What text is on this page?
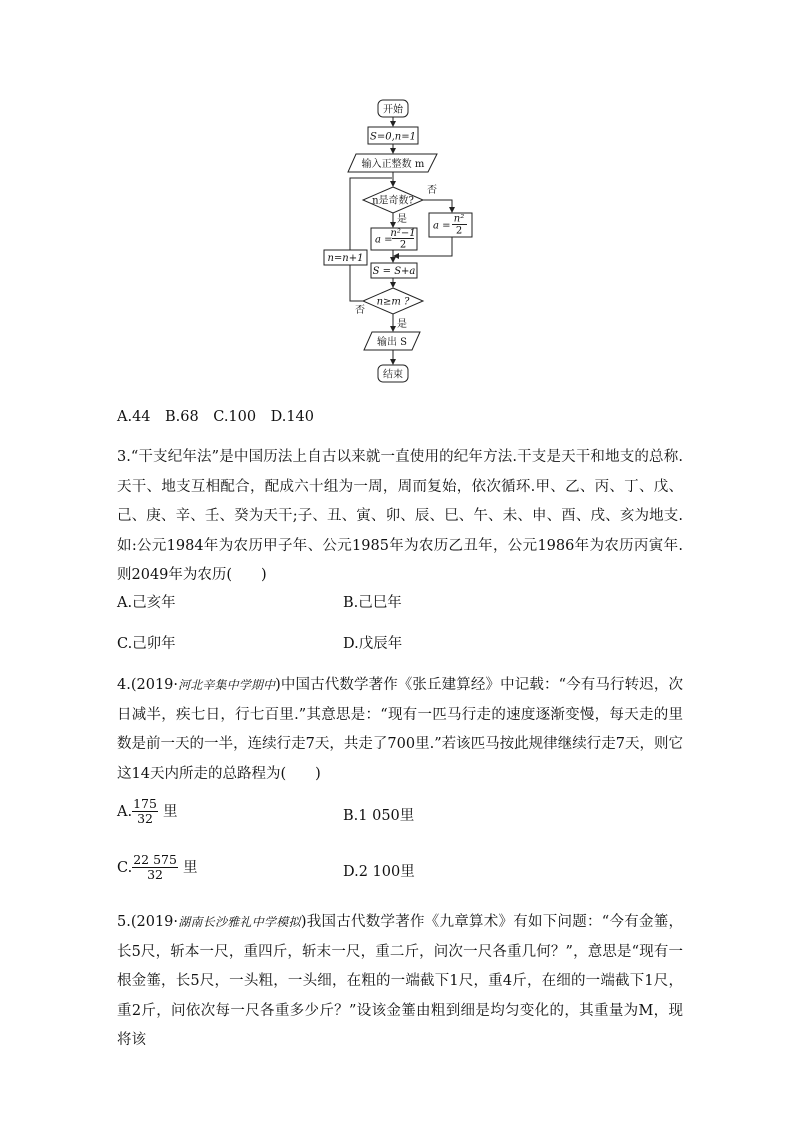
开始
S=0,n=1
输入正整数 m
n是奇数?
否
是
a =
n²−1
2
a =
n²
2
S = S+a
n=n+1
n≥m ?
否
是
输出 S
结束
A.44　B.68　C.100　D.140
3.“干支纪年法”是中国历法上自古以来就一直使用的纪年方法.干支是天干和地支的总称.天干、地支互相配合，配成六十组为一周，周而复始，依次循环.甲、乙、丙、丁、戊、己、庚、辛、壬、癸为天干;子、丑、寅、卯、辰、巳、午、未、申、酉、戌、亥为地支.如:公元1984年为农历甲子年、公元1985年为农历乙丑年，公元1986年为农历丙寅年.则2049年为农历(　　)
A.己亥年	B.己巳年
C.己卯年	D.戊辰年
4.(2019·河北辛集中学期中)中国古代数学著作《张丘建算经》中记载：“今有马行转迟，次日减半，疾七日，行七百里.”其意思是：“现有一匹马行走的速度逐渐变慢，每天走的里数是前一天的一半，连续行走7天，共走了700里.”若该匹马按此规律继续行走7天，则它这14天内所走的总路程为(　　)
A. $\frac{175}{32}$ 里	B.1 050里
C. $\frac{22 575}{32}$ 里	D.2 100里
5.(2019·湖南长沙雅礼中学模拟)我国古代数学著作《九章算术》有如下问题：“今有金箠，长5尺，斩本一尺，重四斤，斩末一尺，重二斤，问次一尺各重几何？”，意思是“现有一根金箠，长5尺，一头粗，一头细，在粗的一端截下1尺，重4斤，在细的一端截下1尺，重2斤，问依次每一尺各重多少斤？”设该金箠由粗到细是均匀变化的，其重量为M，现将该
